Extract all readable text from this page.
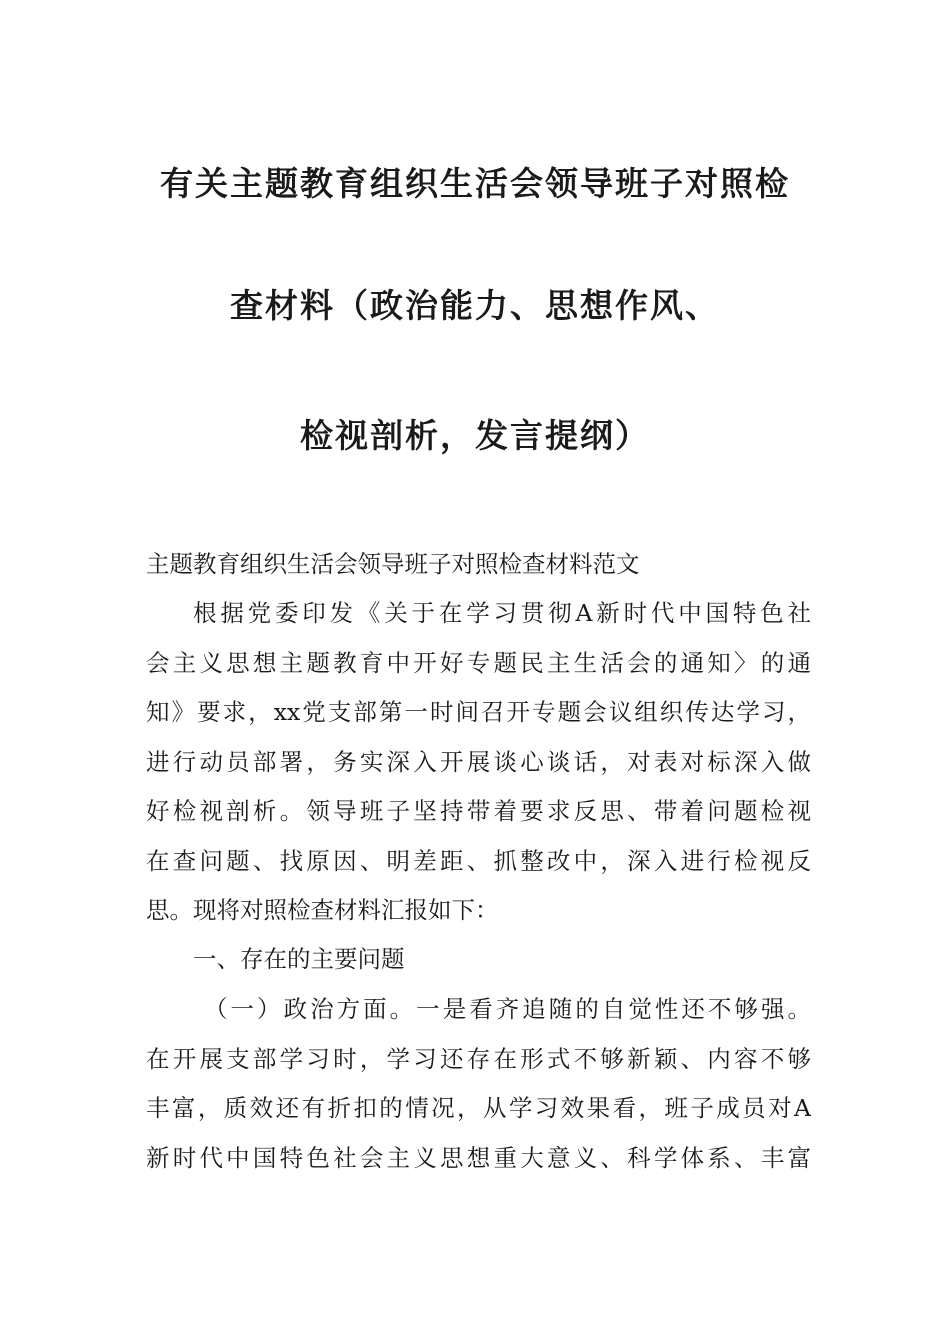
有关主题教育组织生活会领导班子对照检
查材料（政治能力、思想作风、
检视剖析，发言提纲）
主题教育组织生活会领导班子对照检查材料范文
根据党委印发《关于在学习贯彻A新时代中国特色社
会主义思想主题教育中开好专题民主生活会的通知〉的通
知》要求，xx党支部第一时间召开专题会议组织传达学习，
进行动员部署，务实深入开展谈心谈话，对表对标深入做
好检视剖析。领导班子坚持带着要求反思、带着问题检视
在查问题、找原因、明差距、抓整改中，深入进行检视反
思。现将对照检查材料汇报如下：
一、存在的主要问题
（一）政治方面。一是看齐追随的自觉性还不够强。
在开展支部学习时，学习还存在形式不够新颖、内容不够
丰富，质效还有折扣的情况，从学习效果看，班子成员对A
新时代中国特色社会主义思想重大意义、科学体系、丰富
